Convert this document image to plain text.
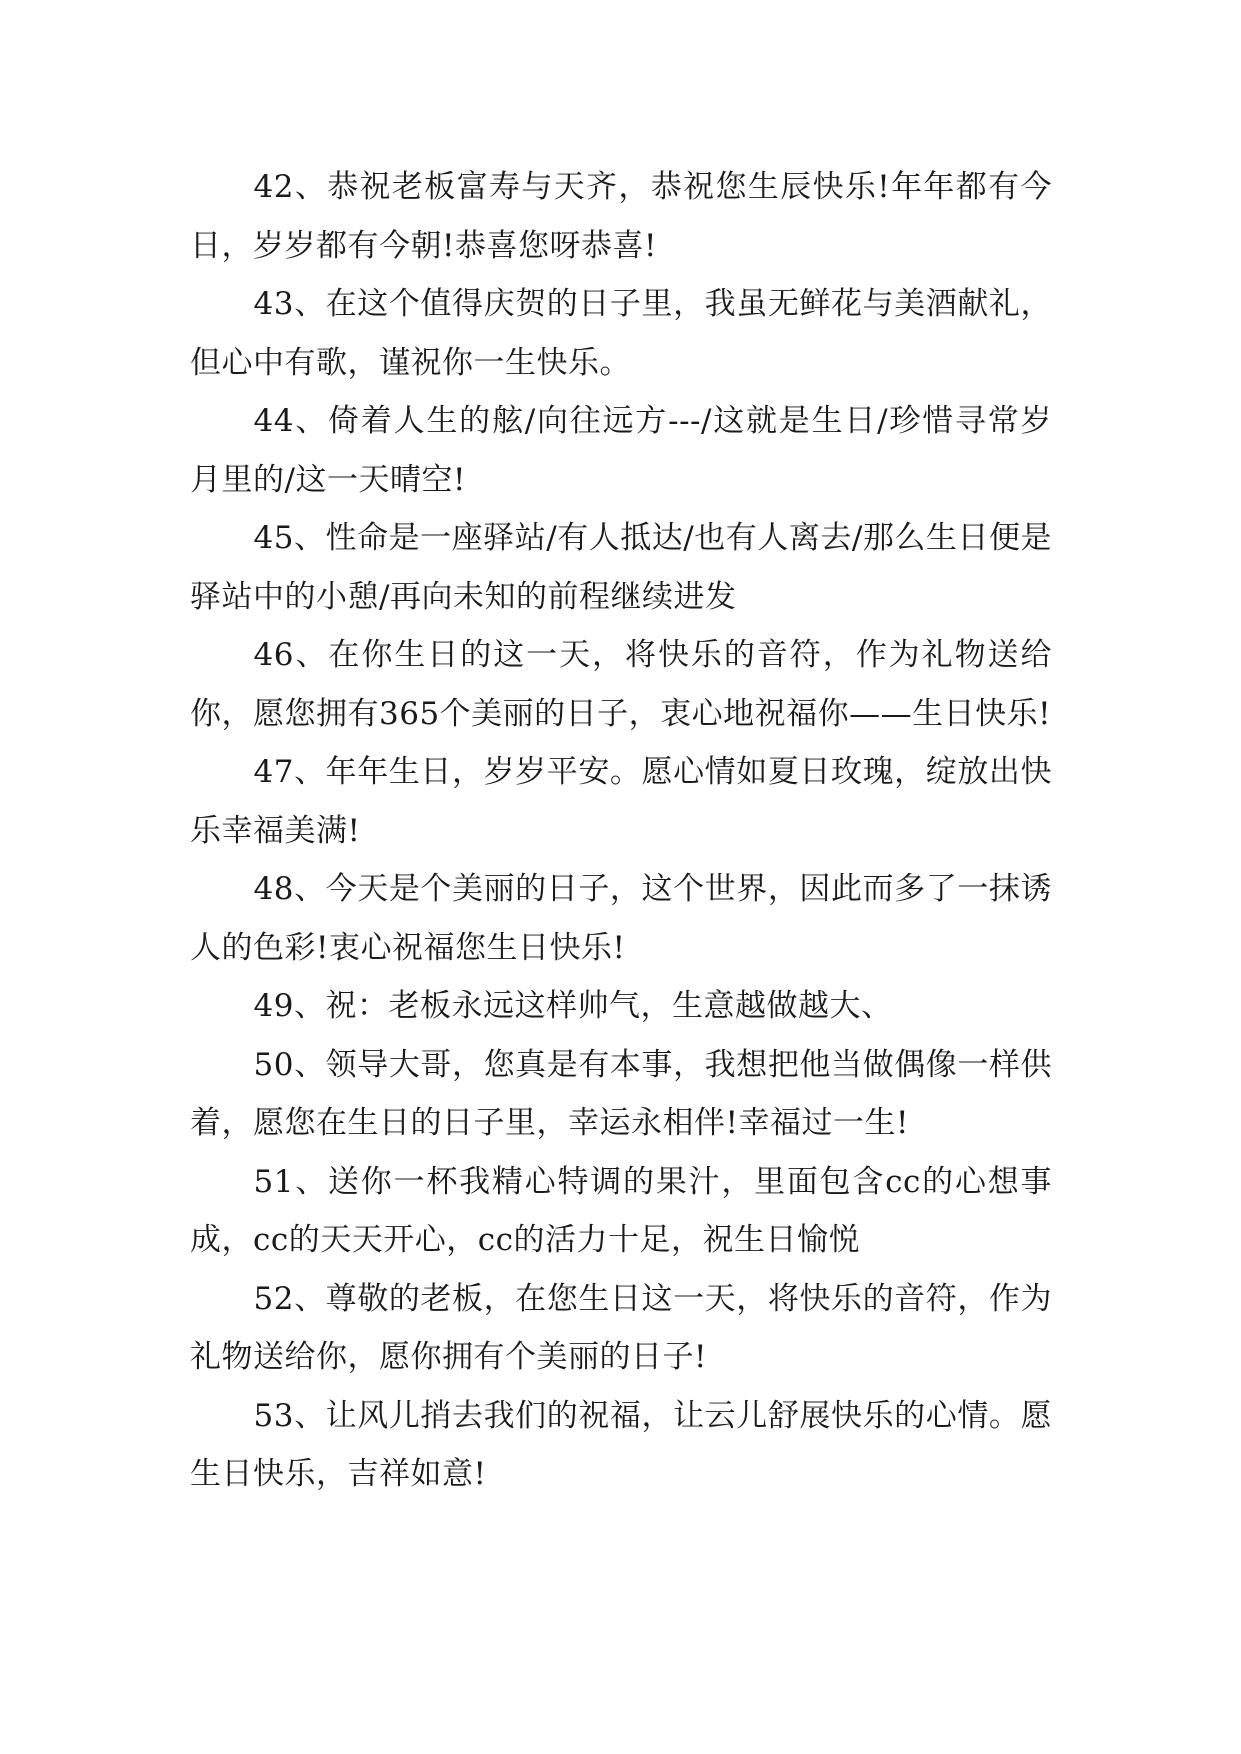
42、恭祝老板富寿与天齐，恭祝您生辰快乐!年年都有今日，岁岁都有今朝!恭喜您呀恭喜!

43、在这个值得庆贺的日子里，我虽无鲜花与美酒献礼，但心中有歌，谨祝你一生快乐。

44、倚着人生的舷/向往远方---/这就是生日/珍惜寻常岁月里的/这一天晴空!

45、性命是一座驿站/有人抵达/也有人离去/那么生日便是驿站中的小憩/再向未知的前程继续进发

46、在你生日的这一天，将快乐的音符，作为礼物送给你，愿您拥有365个美丽的日子，衷心地祝福你——生日快乐!

47、年年生日，岁岁平安。愿心情如夏日玫瑰，绽放出快乐幸福美满!

48、今天是个美丽的日子，这个世界，因此而多了一抹诱人的色彩!衷心祝福您生日快乐!

49、祝：老板永远这样帅气，生意越做越大、

50、领导大哥，您真是有本事，我想把他当做偶像一样供着，愿您在生日的日子里，幸运永相伴!幸福过一生!

51、送你一杯我精心特调的果汁，里面包含cc的心想事成，cc的天天开心，cc的活力十足，祝生日愉悦

52、尊敬的老板，在您生日这一天，将快乐的音符，作为礼物送给你，愿你拥有个美丽的日子!

53、让风儿捎去我们的祝福，让云儿舒展快乐的心情。愿生日快乐，吉祥如意!
